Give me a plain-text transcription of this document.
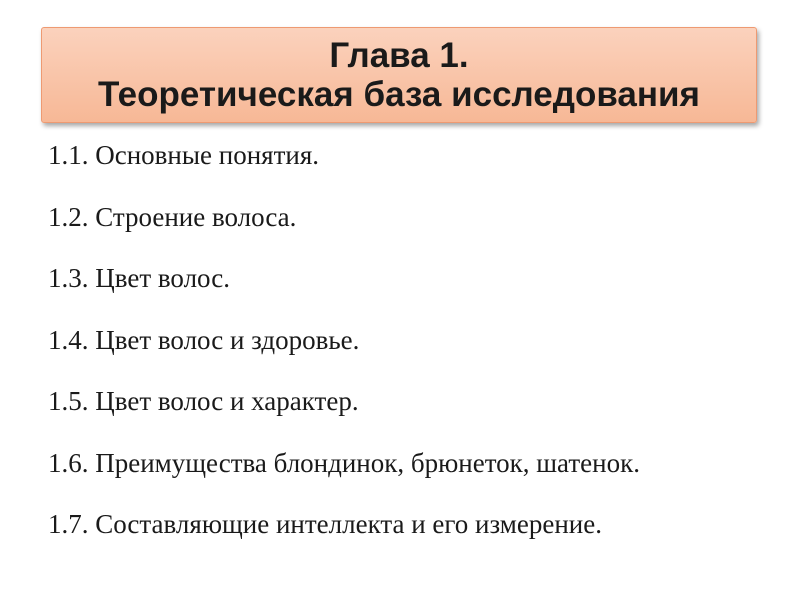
Глава 1.
Теоретическая база исследования
1.1. Основные понятия.
1.2. Строение волоса.
1.3. Цвет волос.
1.4. Цвет волос и здоровье.
1.5. Цвет волос и характер.
1.6. Преимущества блондинок, брюнеток, шатенок.
1.7. Составляющие интеллекта и его измерение.
